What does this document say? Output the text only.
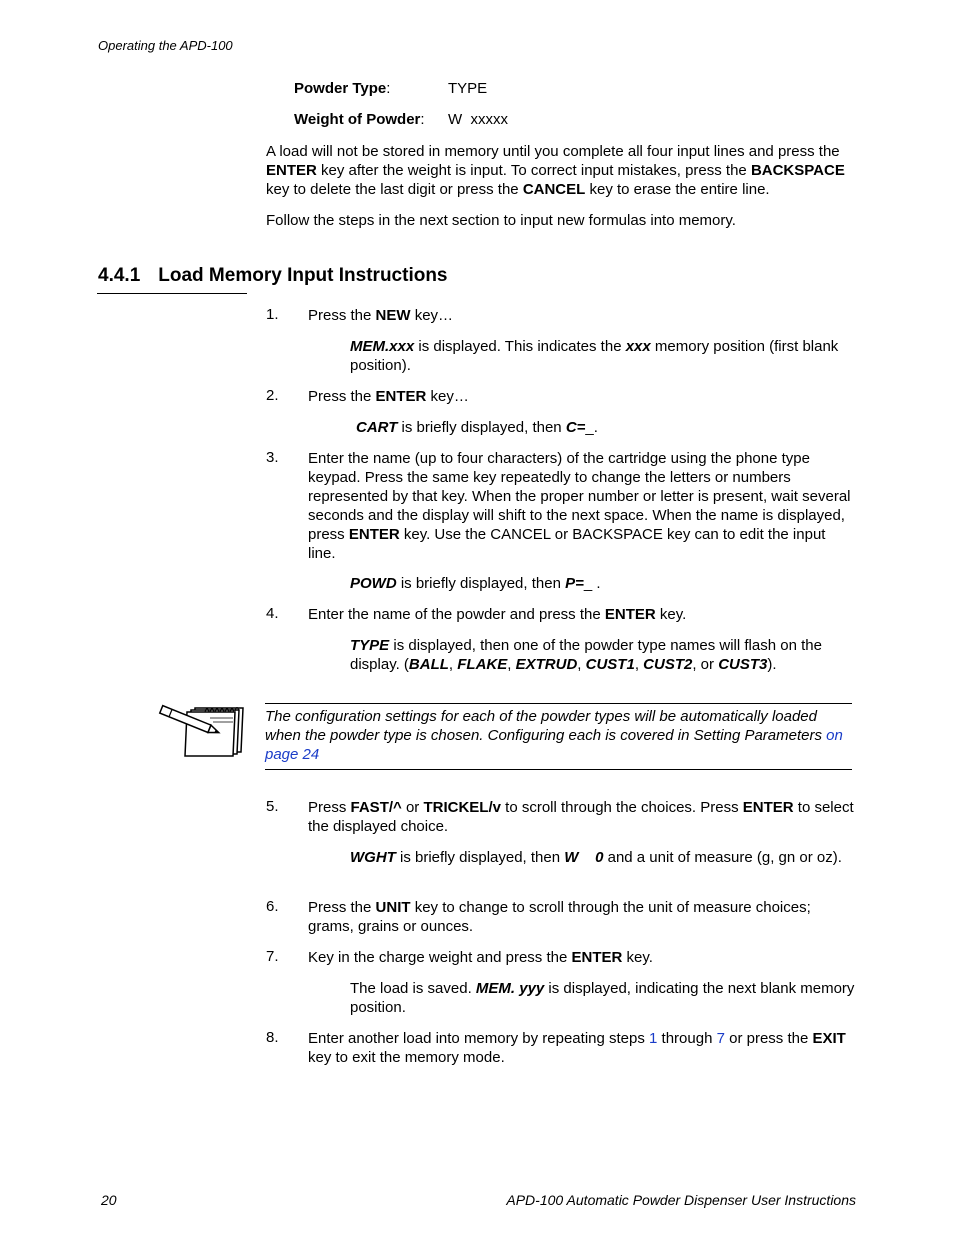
Operating the APD-100
Powder Type:	TYPE
Weight of Powder: W  xxxxx
A load will not be stored in memory until you complete all four input lines and press the ENTER key after the weight is input. To correct input mistakes, press the BACKSPACE key to delete the last digit or press the CANCEL key to erase the entire line.
Follow the steps in the next section to input new formulas into memory.
4.4.1 Load Memory Input Instructions
1. Press the NEW key…
MEM.xxx is displayed. This indicates the xxx memory position (first blank position).
2. Press the ENTER key…
CART is briefly displayed, then C=_.
3. Enter the name (up to four characters) of the cartridge using the phone type keypad. Press the same key repeatedly to change the letters or numbers represented by that key. When the proper number or letter is present, wait several seconds and the display will shift to the next space. When the name is displayed, press ENTER key. Use the CANCEL or BACKSPACE key can to edit the input line.
POWD is briefly displayed, then P=_ .
4. Enter the name of the powder and press the ENTER key.
TYPE is displayed, then one of the powder type names will flash on the display. (BALL, FLAKE, EXTRUD, CUST1, CUST2, or CUST3).
The configuration settings for each of the powder types will be automatically loaded when the powder type is chosen. Configuring each is covered in Setting Parameters on page 24
5. Press FAST/^ or TRICKEL/v to scroll through the choices. Press ENTER to select the displayed choice.
WGHT is briefly displayed, then W 0 and a unit of measure (g, gn or oz).
6. Press the UNIT key to change to scroll through the unit of measure choices; grams, grains or ounces.
7. Key in the charge weight and press the ENTER key.
The load is saved. MEM. yyy is displayed, indicating the next blank memory position.
8. Enter another load into memory by repeating steps 1 through 7 or press the EXIT key to exit the memory mode.
20	APD-100 Automatic Powder Dispenser User Instructions
